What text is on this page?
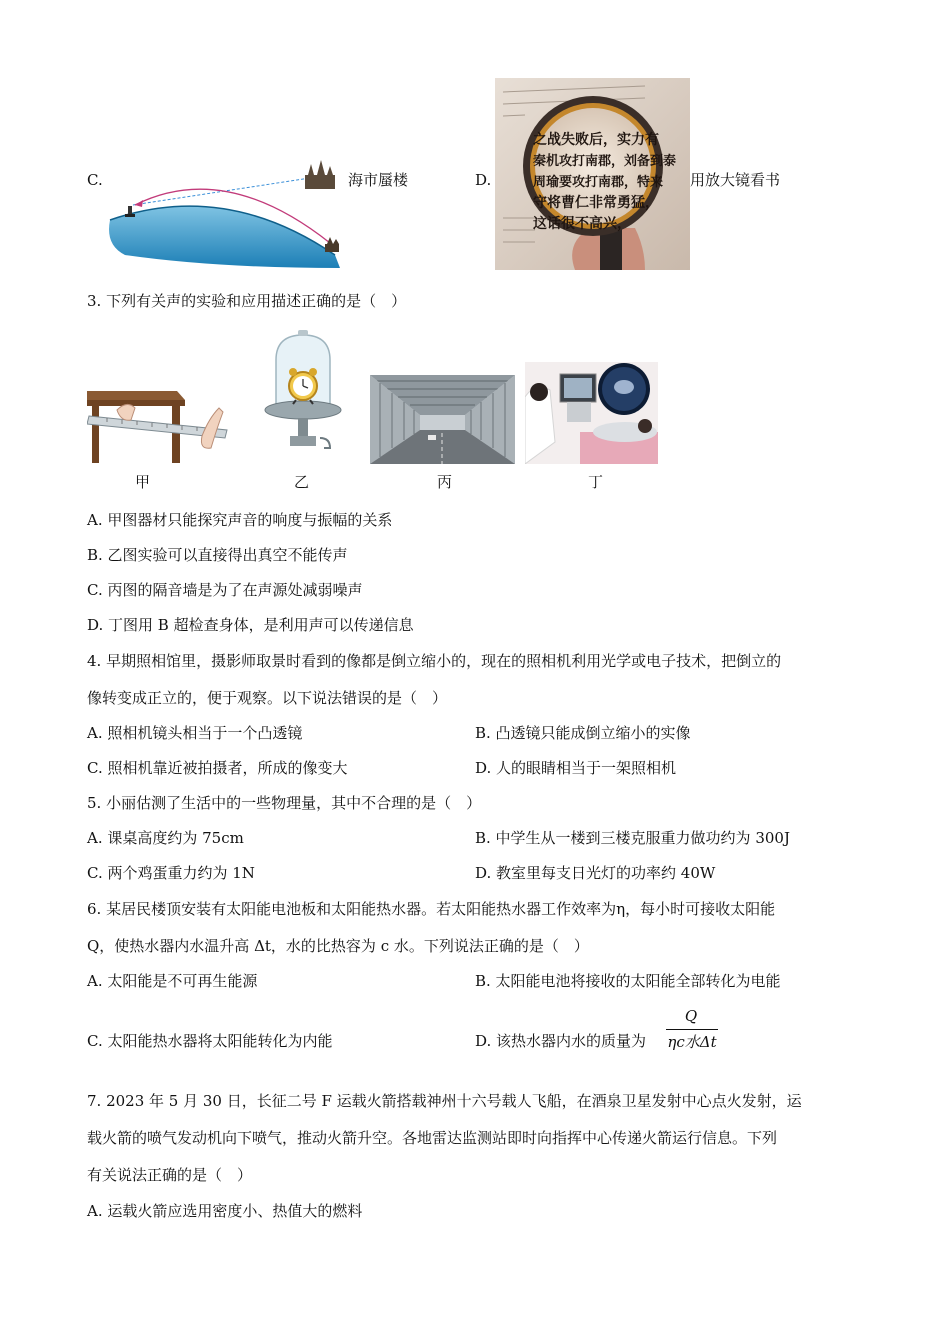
C.	海市蜃楼	D.
之战失败后，实力有
秦机攻打南郡，刘备到泰
周瑜要攻打南郡，特来
守将曹仁非常勇猛，
这话很不高兴，
用放大镜看书
3. 下列有关声的实验和应用描述正确的是（　）
甲	乙	丙	丁
A. 甲图器材只能探究声音的响度与振幅的关系
B. 乙图实验可以直接得出真空不能传声
C. 丙图的隔音墙是为了在声源处减弱噪声
D. 丁图用 B 超检查身体，是利用声可以传递信息
4. 早期照相馆里，摄影师取景时看到的像都是倒立缩小的，现在的照相机利用光学或电子技术，把倒立的
像转变成正立的，便于观察。以下说法错误的是（　）
A. 照相机镜头相当于一个凸透镜	B. 凸透镜只能成倒立缩小的实像
C. 照相机靠近被拍摄者，所成的像变大	D. 人的眼睛相当于一架照相机
5. 小丽估测了生活中的一些物理量，其中不合理的是（　）
A. 课桌高度约为 75cm	B. 中学生从一楼到三楼克服重力做功约为 300J
C. 两个鸡蛋重力约为 1N	D. 教室里每支日光灯的功率约 40W
6. 某居民楼顶安装有太阳能电池板和太阳能热水器。若太阳能热水器工作效率为η，每小时可接收太阳能
Q，使热水器内水温升高 Δt，水的比热容为 c 水。下列说法正确的是（　）
A. 太阳能是不可再生能源	B. 太阳能电池将接收的太阳能全部转化为电能
C. 太阳能热水器将太阳能转化为内能	D. 该热水器内水的质量为
Q
ηc水Δt
7. 2023 年 5 月 30 日，长征二号 F 运载火箭搭载神州十六号载人飞船，在酒泉卫星发射中心点火发射，运
载火箭的喷气发动机向下喷气，推动火箭升空。各地雷达监测站即时向指挥中心传递火箭运行信息。下列
有关说法正确的是（　）
A. 运载火箭应选用密度小、热值大的燃料
